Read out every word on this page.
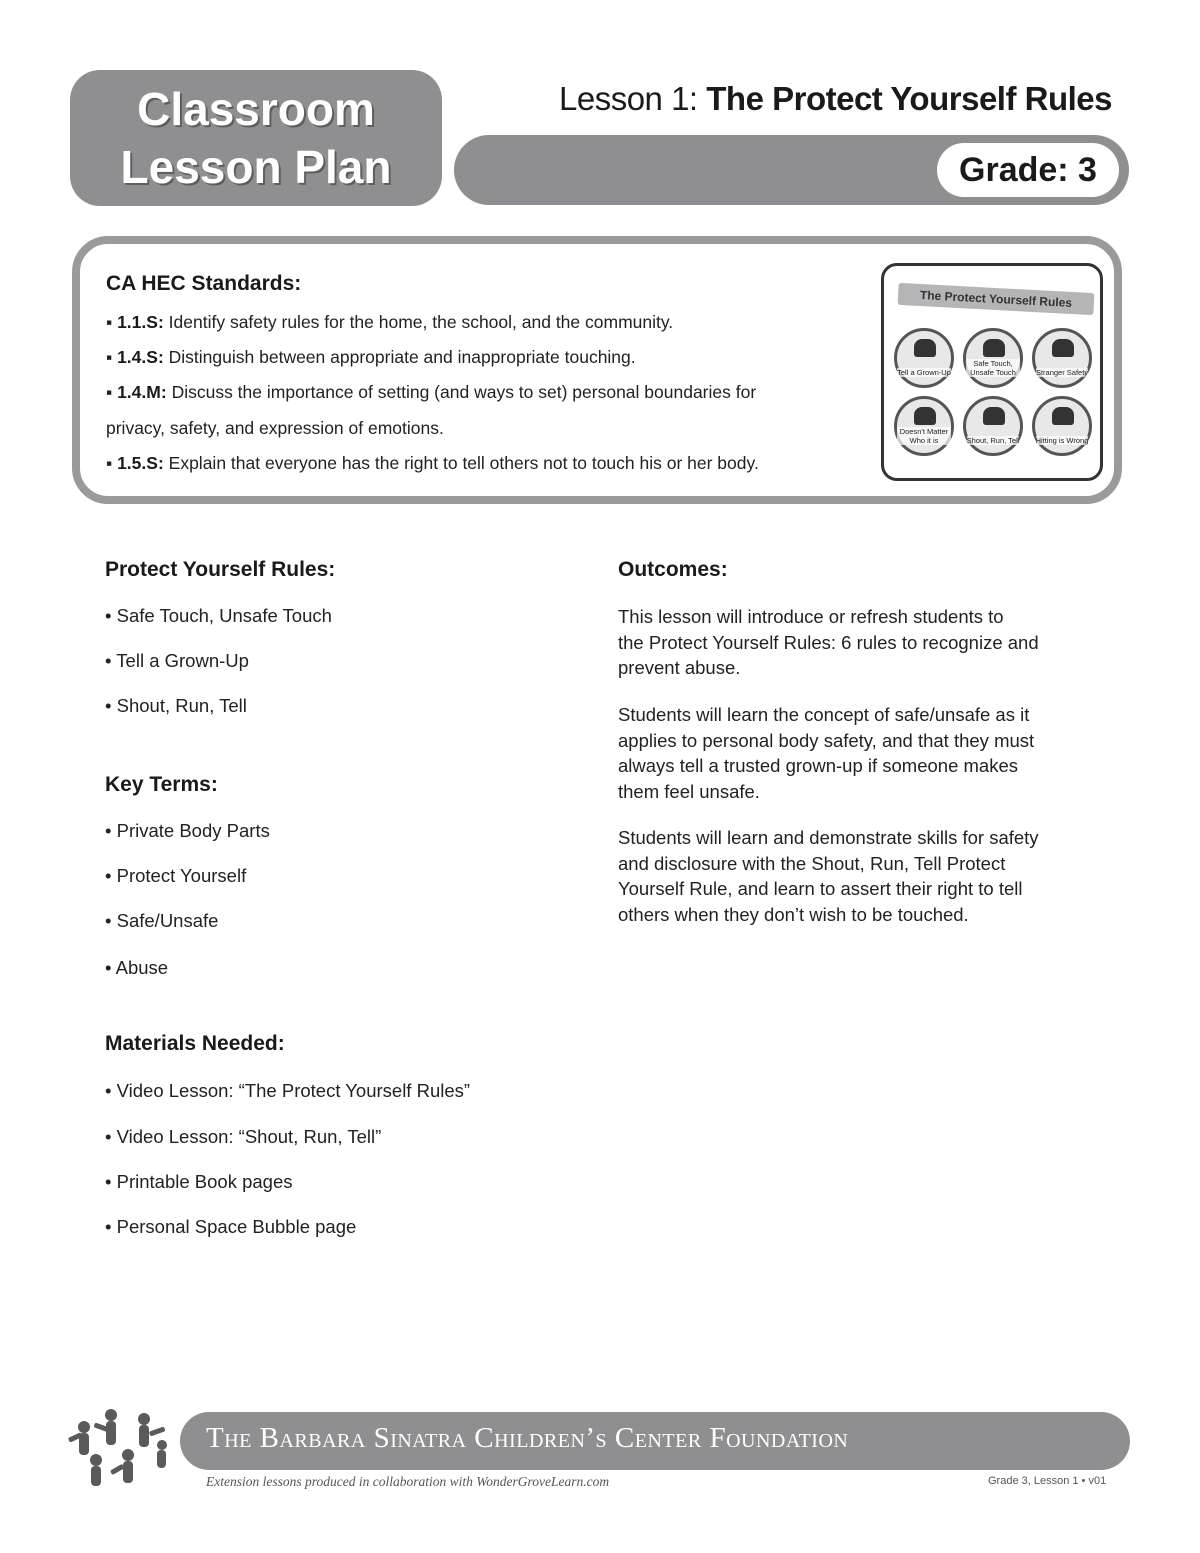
Classroom
Lesson Plan
Lesson 1: The Protect Yourself Rules
Grade: 3
CA HEC Standards:
▪ 1.1.S: Identify safety rules for the home, the school, and the community.
▪ 1.4.S: Distinguish between appropriate and inappropriate touching.
▪ 1.4.M: Discuss the importance of setting (and ways to set) personal boundaries for
privacy, safety, and expression of emotions.
▪ 1.5.S: Explain that everyone has the right to tell others not to touch his or her body.
The Protect Yourself Rules
Tell a Grown-Up
Safe Touch, Unsafe Touch	Stranger Safety
Doesn't Matter Who it is	Shout, Run, Tell Hitting is Wrong
Protect Yourself Rules:
• Safe Touch, Unsafe Touch
• Tell a Grown-Up
• Shout, Run, Tell
Key Terms:
• Private Body Parts
• Protect Yourself
• Safe/Unsafe
• Abuse
Materials Needed:
• Video Lesson: “The Protect Yourself Rules”
• Video Lesson: “Shout, Run, Tell”
• Printable Book pages
• Personal Space Bubble page
Outcomes:
This lesson will introduce or refresh students to
the Protect Yourself Rules: 6 rules to recognize and
prevent abuse.
Students will learn the concept of safe/unsafe as it
applies to personal body safety, and that they must
always tell a trusted grown-up if someone makes
them feel unsafe.
Students will learn and demonstrate skills for safety
and disclosure with the Shout, Run, Tell Protect
Yourself Rule, and learn to assert their right to tell
others when they don’t wish to be touched.
The Barbara Sinatra Children’s Center Foundation
Extension lessons produced in collaboration with WonderGroveLearn.com	Grade 3, Lesson 1 • v01
